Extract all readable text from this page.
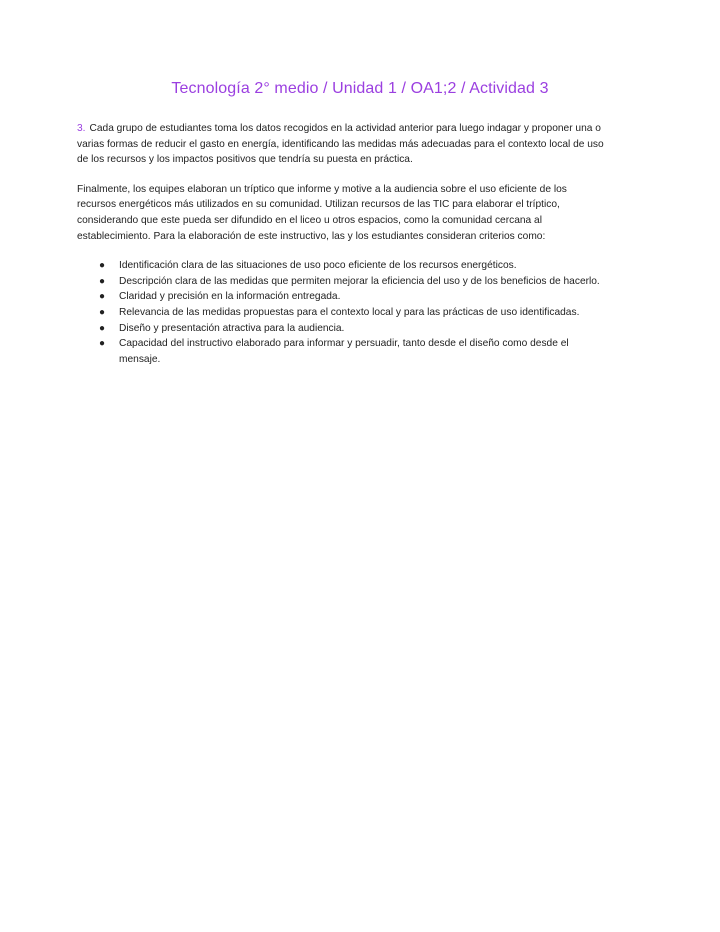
Tecnología 2° medio / Unidad 1 / OA1;2 / Actividad 3

3. Cada grupo de estudiantes toma los datos recogidos en la actividad anterior para luego indagar y proponer una o varias formas de reducir el gasto en energía, identificando las medidas más adecuadas para el contexto local de uso de los recursos y los impactos positivos que tendría su puesta en práctica.

Finalmente, los equipes elaboran un tríptico que informe y motive a la audiencia sobre el uso eficiente de los recursos energéticos más utilizados en su comunidad. Utilizan recursos de las TIC para elaborar el tríptico, considerando que este pueda ser difundido en el liceo u otros espacios, como la comunidad cercana al establecimiento. Para la elaboración de este instructivo, las y los estudiantes consideran criterios como:

● Identificación clara de las situaciones de uso poco eficiente de los recursos energéticos.
● Descripción clara de las medidas que permiten mejorar la eficiencia del uso y de los beneficios de hacerlo.
● Claridad y precisión en la información entregada.
● Relevancia de las medidas propuestas para el contexto local y para las prácticas de uso identificadas.
● Diseño y presentación atractiva para la audiencia.
● Capacidad del instructivo elaborado para informar y persuadir, tanto desde el diseño como desde el mensaje.
